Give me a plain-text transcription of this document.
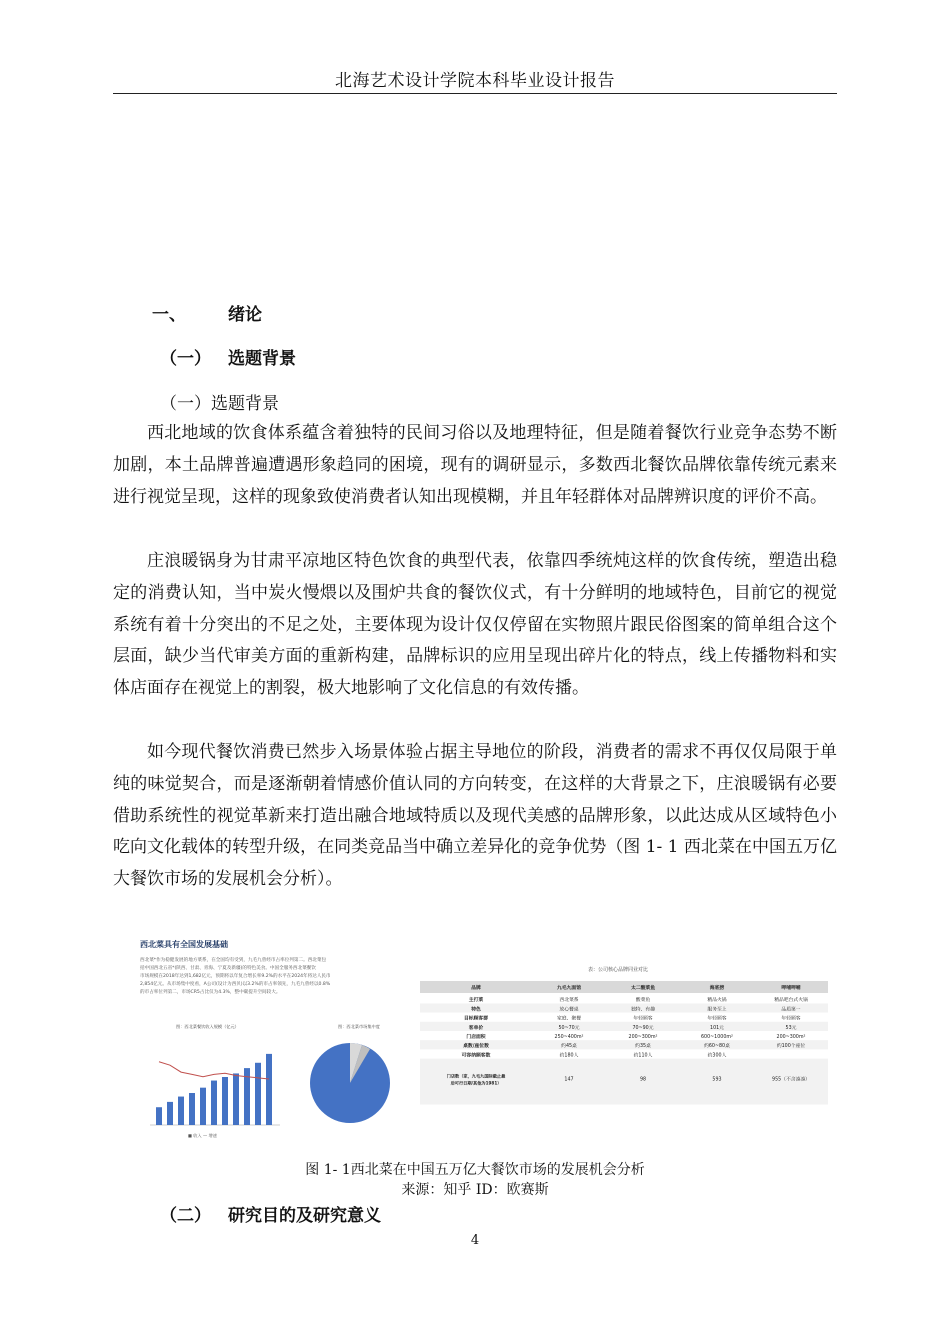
北海艺术设计学院本科毕业设计报告
一、 绪论
（一） 选题背景
（一）选题背景
西北地域的饮食体系蕴含着独特的民间习俗以及地理特征，但是随着餐饮行业竞争态势不断加剧，本土品牌普遍遭遇形象趋同的困境，现有的调研显示，多数西北餐饮品牌依靠传统元素来进行视觉呈现，这样的现象致使消费者认知出现模糊，并且年轻群体对品牌辨识度的评价不高。
庄浪暖锅身为甘肃平凉地区特色饮食的典型代表，依靠四季统炖这样的饮食传统，塑造出稳定的消费认知，当中炭火慢煨以及围炉共食的餐饮仪式，有十分鲜明的地域特色，目前它的视觉系统有着十分突出的不足之处，主要体现为设计仅仅停留在实物照片跟民俗图案的简单组合这个层面，缺少当代审美方面的重新构建，品牌标识的应用呈现出碎片化的特点，线上传播物料和实体店面存在视觉上的割裂，极大地影响了文化信息的有效传播。
如今现代餐饮消费已然步入场景体验占据主导地位的阶段，消费者的需求不再仅仅局限于单纯的味觉契合，而是逐渐朝着情感价值认同的方向转变，在这样的大背景之下，庄浪暖锅有必要借助系统性的视觉革新来打造出融合地域特质以及现代美感的品牌形象，以此达成从区域特色小吃向文化载体的转型升级，在同类竞品当中确立差异化的竞争优势（图 1- 1 西北菜在中国五万亿大餐饮市场的发展机会分析）。
西北菜具有全国发展基础
西北菜*作为稳健发展的地方菜系，在全国均有受到，九毛九曾经市占率位列第二。西北菜包
括中国西北五省*(陕西、甘肃、青海、宁夏及新疆)的特色美食。中国全服务西北菜餐饮
市场规模在2018年达到1,682亿元，预期将以年复合增长率9.2%的水平在2024年将达人民币
2,854亿元。从市场集中度看，A公司(设计为西贝)以3.2%的市占率领先，九毛九曾经以0.8%
的市占率位列第二，市场CR5占比仅为4.3%，整中碳提升空间较大。
图：西北菜餐饮收入规模（亿元）	图：西北菜市场集中度
■ 收入 — 增速
表：公司核心品牌同业对比
品牌	九毛九面馆	太二酸菜鱼	海底捞	呷哺呷哺
主打菜	西北菜系	酸菜鱼	精品火锅	精品吧台式火锅
特色	放心餐桌	独特、有趣	服务至上	品质第一
目标顾客群	家庭、聚餐	年轻顾客	年轻顾客	年轻顾客
客单价	50~70元	70~90元	101元	53元
门店面积	250~400m²	200~300m²	600~1000m²	200~300m²
桌数/座位数	约45桌	约35桌	约60~80桌	约100个座位
可容纳顾客数	约180人	约110人	约300人
门店数（家，九毛九国际截止最后可行日期/其他为1981）
147	98	593	955（不含凑凑）
图 1- 1西北菜在中国五万亿大餐饮市场的发展机会分析
来源：知乎 ID：欧赛斯
（二） 研究目的及研究意义
4
